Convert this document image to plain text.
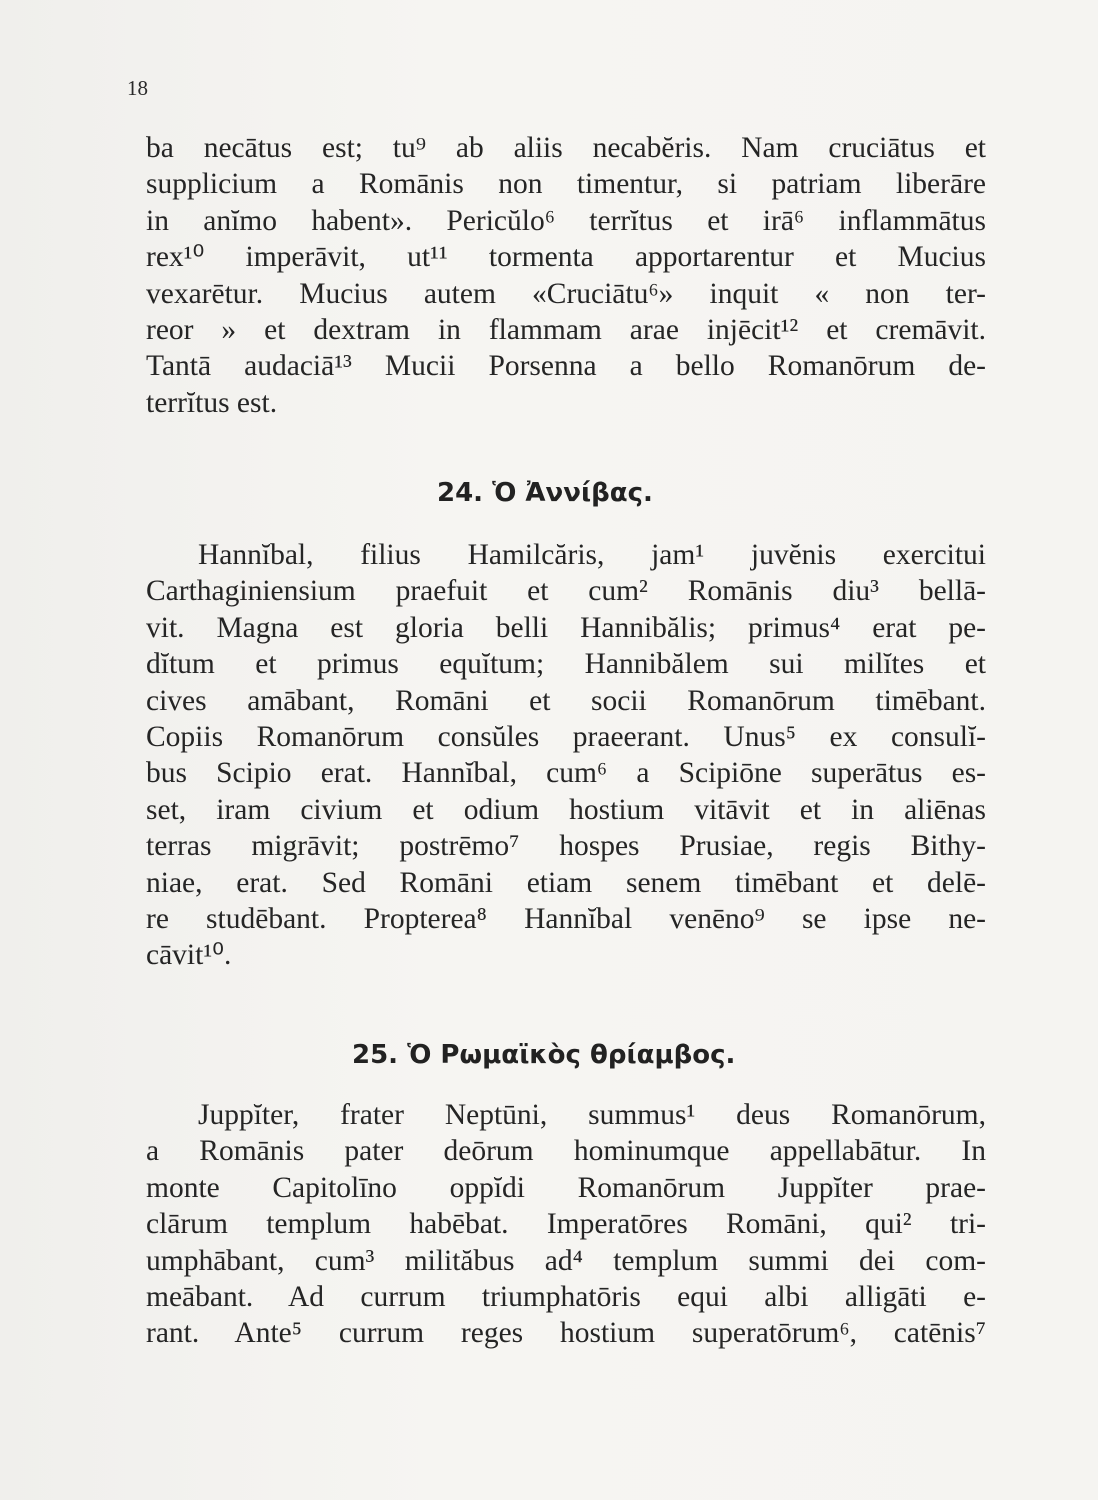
18
ba necātus est; tu⁹ ab aliis necabĕris. Nam cruciātus et
supplicium a Romānis non timentur, si patriam liberāre
in anĭmo habent». Pericŭlo⁶ terrĭtus et irā⁶ inflammātus
rex¹⁰ imperāvit, ut¹¹ tormenta apportarentur et Mucius
vexarētur. Mucius autem «Cruciātu⁶» inquit « non ter-
reor » et dextram in flammam arae injēcit¹² et cremāvit.
Tantā audaciā¹³ Mucii Porsenna a bello Romanōrum de-
terrĭtus est.
24. Ὁ Ἀννίβας.
Hannĭbal, filius Hamilcăris, jam¹ juvĕnis exercitui
Carthaginiensium praefuit et cum² Romānis diu³ bellā-
vit. Magna est gloria belli Hannibălis; primus⁴ erat pe-
dĭtum et primus equĭtum; Hannibălem sui milĭtes et
cives amābant, Romāni et socii Romanōrum timēbant.
Copiis Romanōrum consŭles praeerant. Unus⁵ ex consulĭ-
bus Scipio erat. Hannĭbal, cum⁶ a Scipiōne superātus es-
set, iram civium et odium hostium vitāvit et in aliēnas
terras migrāvit; postrēmo⁷ hospes Prusiae, regis Bithy-
niae, erat. Sed Romāni etiam senem timēbant et delē-
re studēbant. Propterea⁸ Hannĭbal venēno⁹ se ipse ne-
cāvit¹⁰.
25. Ὁ Ρωμαϊκὸς θρίαμβος.
Juppĭter, frater Neptūni, summus¹ deus Romanōrum,
a Romānis pater deōrum hominumque appellabātur. In
monte Capitolīno oppĭdi Romanōrum Juppĭter prae-
clārum templum habēbat. Imperatōres Romāni, qui² tri-
umphābant, cum³ milităbus ad⁴ templum summi dei com-
meābant. Ad currum triumphatōris equi albi alligāti e-
rant. Ante⁵ currum reges hostium superatōrum⁶, catēnis⁷
